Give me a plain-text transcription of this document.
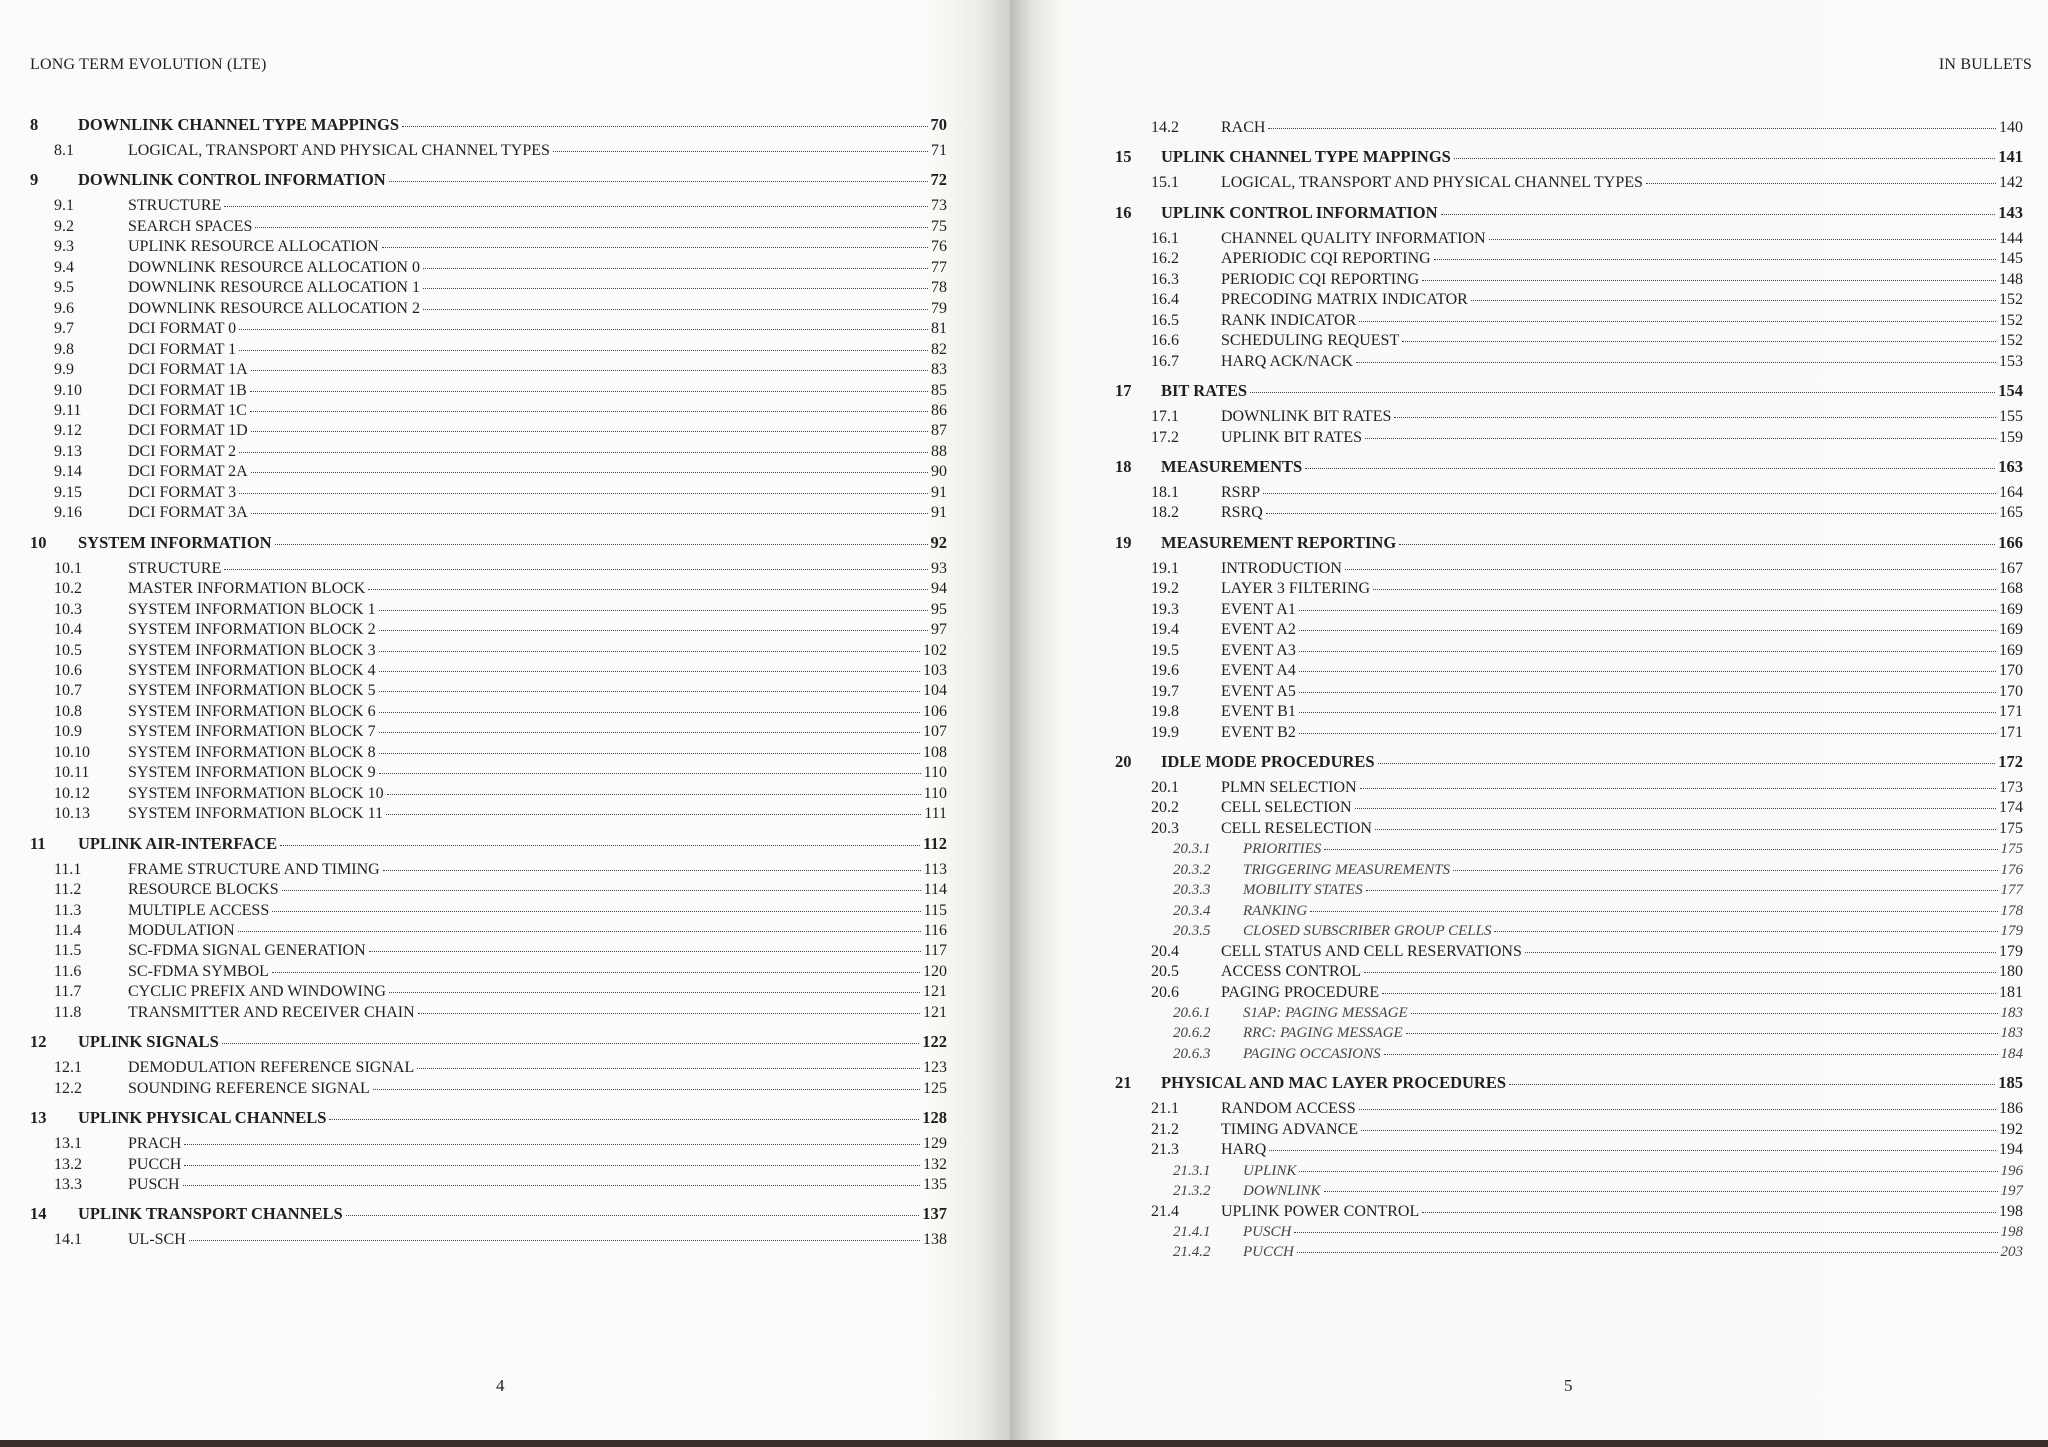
LONG TERM EVOLUTION (LTE)
8	DOWNLINK CHANNEL TYPE MAPPINGS	70
8.1	LOGICAL, TRANSPORT AND PHYSICAL CHANNEL TYPES	71
9	DOWNLINK CONTROL INFORMATION	72
9.1	STRUCTURE	73
9.2	SEARCH SPACES	75
9.3	UPLINK RESOURCE ALLOCATION	76
9.4	DOWNLINK RESOURCE ALLOCATION 0	77
9.5	DOWNLINK RESOURCE ALLOCATION 1	78
9.6	DOWNLINK RESOURCE ALLOCATION 2	79
9.7	DCI FORMAT 0	81
9.8	DCI FORMAT 1	82
9.9	DCI FORMAT 1A	83
9.10	DCI FORMAT 1B	85
9.11	DCI FORMAT 1C	86
9.12	DCI FORMAT 1D	87
9.13	DCI FORMAT 2	88
9.14	DCI FORMAT 2A	90
9.15	DCI FORMAT 3	91
9.16	DCI FORMAT 3A	91
10	SYSTEM INFORMATION	92
10.1	STRUCTURE	93
10.2	MASTER INFORMATION BLOCK	94
10.3	SYSTEM INFORMATION BLOCK 1	95
10.4	SYSTEM INFORMATION BLOCK 2	97
10.5	SYSTEM INFORMATION BLOCK 3	102
10.6	SYSTEM INFORMATION BLOCK 4	103
10.7	SYSTEM INFORMATION BLOCK 5	104
10.8	SYSTEM INFORMATION BLOCK 6	106
10.9	SYSTEM INFORMATION BLOCK 7	107
10.10	SYSTEM INFORMATION BLOCK 8	108
10.11	SYSTEM INFORMATION BLOCK 9	110
10.12	SYSTEM INFORMATION BLOCK 10	110
10.13	SYSTEM INFORMATION BLOCK 11	111
11	UPLINK AIR-INTERFACE	112
11.1	FRAME STRUCTURE AND TIMING	113
11.2	RESOURCE BLOCKS	114
11.3	MULTIPLE ACCESS	115
11.4	MODULATION	116
11.5	SC-FDMA SIGNAL GENERATION	117
11.6	SC-FDMA SYMBOL	120
11.7	CYCLIC PREFIX AND WINDOWING	121
11.8	TRANSMITTER AND RECEIVER CHAIN	121
12	UPLINK SIGNALS	122
12.1	DEMODULATION REFERENCE SIGNAL	123
12.2	SOUNDING REFERENCE SIGNAL	125
13	UPLINK PHYSICAL CHANNELS	128
13.1	PRACH	129
13.2	PUCCH	132
13.3	PUSCH	135
14	UPLINK TRANSPORT CHANNELS	137
14.1	UL-SCH	138
4
IN BULLETS
14.2	RACH	140
15	UPLINK CHANNEL TYPE MAPPINGS	141
15.1	LOGICAL, TRANSPORT AND PHYSICAL CHANNEL TYPES	142
16	UPLINK CONTROL INFORMATION	143
16.1	CHANNEL QUALITY INFORMATION	144
16.2	APERIODIC CQI REPORTING	145
16.3	PERIODIC CQI REPORTING	148
16.4	PRECODING MATRIX INDICATOR	152
16.5	RANK INDICATOR	152
16.6	SCHEDULING REQUEST	152
16.7	HARQ ACK/NACK	153
17	BIT RATES	154
17.1	DOWNLINK BIT RATES	155
17.2	UPLINK BIT RATES	159
18	MEASUREMENTS	163
18.1	RSRP	164
18.2	RSRQ	165
19	MEASUREMENT REPORTING	166
19.1	INTRODUCTION	167
19.2	LAYER 3 FILTERING	168
19.3	EVENT A1	169
19.4	EVENT A2	169
19.5	EVENT A3	169
19.6	EVENT A4	170
19.7	EVENT A5	170
19.8	EVENT B1	171
19.9	EVENT B2	171
20	IDLE MODE PROCEDURES	172
20.1	PLMN SELECTION	173
20.2	CELL SELECTION	174
20.3	CELL RESELECTION	175
20.3.1	PRIORITIES	175
20.3.2	TRIGGERING MEASUREMENTS	176
20.3.3	MOBILITY STATES	177
20.3.4	RANKING	178
20.3.5	CLOSED SUBSCRIBER GROUP CELLS	179
20.4	CELL STATUS AND CELL RESERVATIONS	179
20.5	ACCESS CONTROL	180
20.6	PAGING PROCEDURE	181
20.6.1	S1AP: PAGING MESSAGE	183
20.6.2	RRC: PAGING MESSAGE	183
20.6.3	PAGING OCCASIONS	184
21	PHYSICAL AND MAC LAYER PROCEDURES	185
21.1	RANDOM ACCESS	186
21.2	TIMING ADVANCE	192
21.3	HARQ	194
21.3.1	UPLINK	196
21.3.2	DOWNLINK	197
21.4	UPLINK POWER CONTROL	198
21.4.1	PUSCH	198
21.4.2	PUCCH	203
5
